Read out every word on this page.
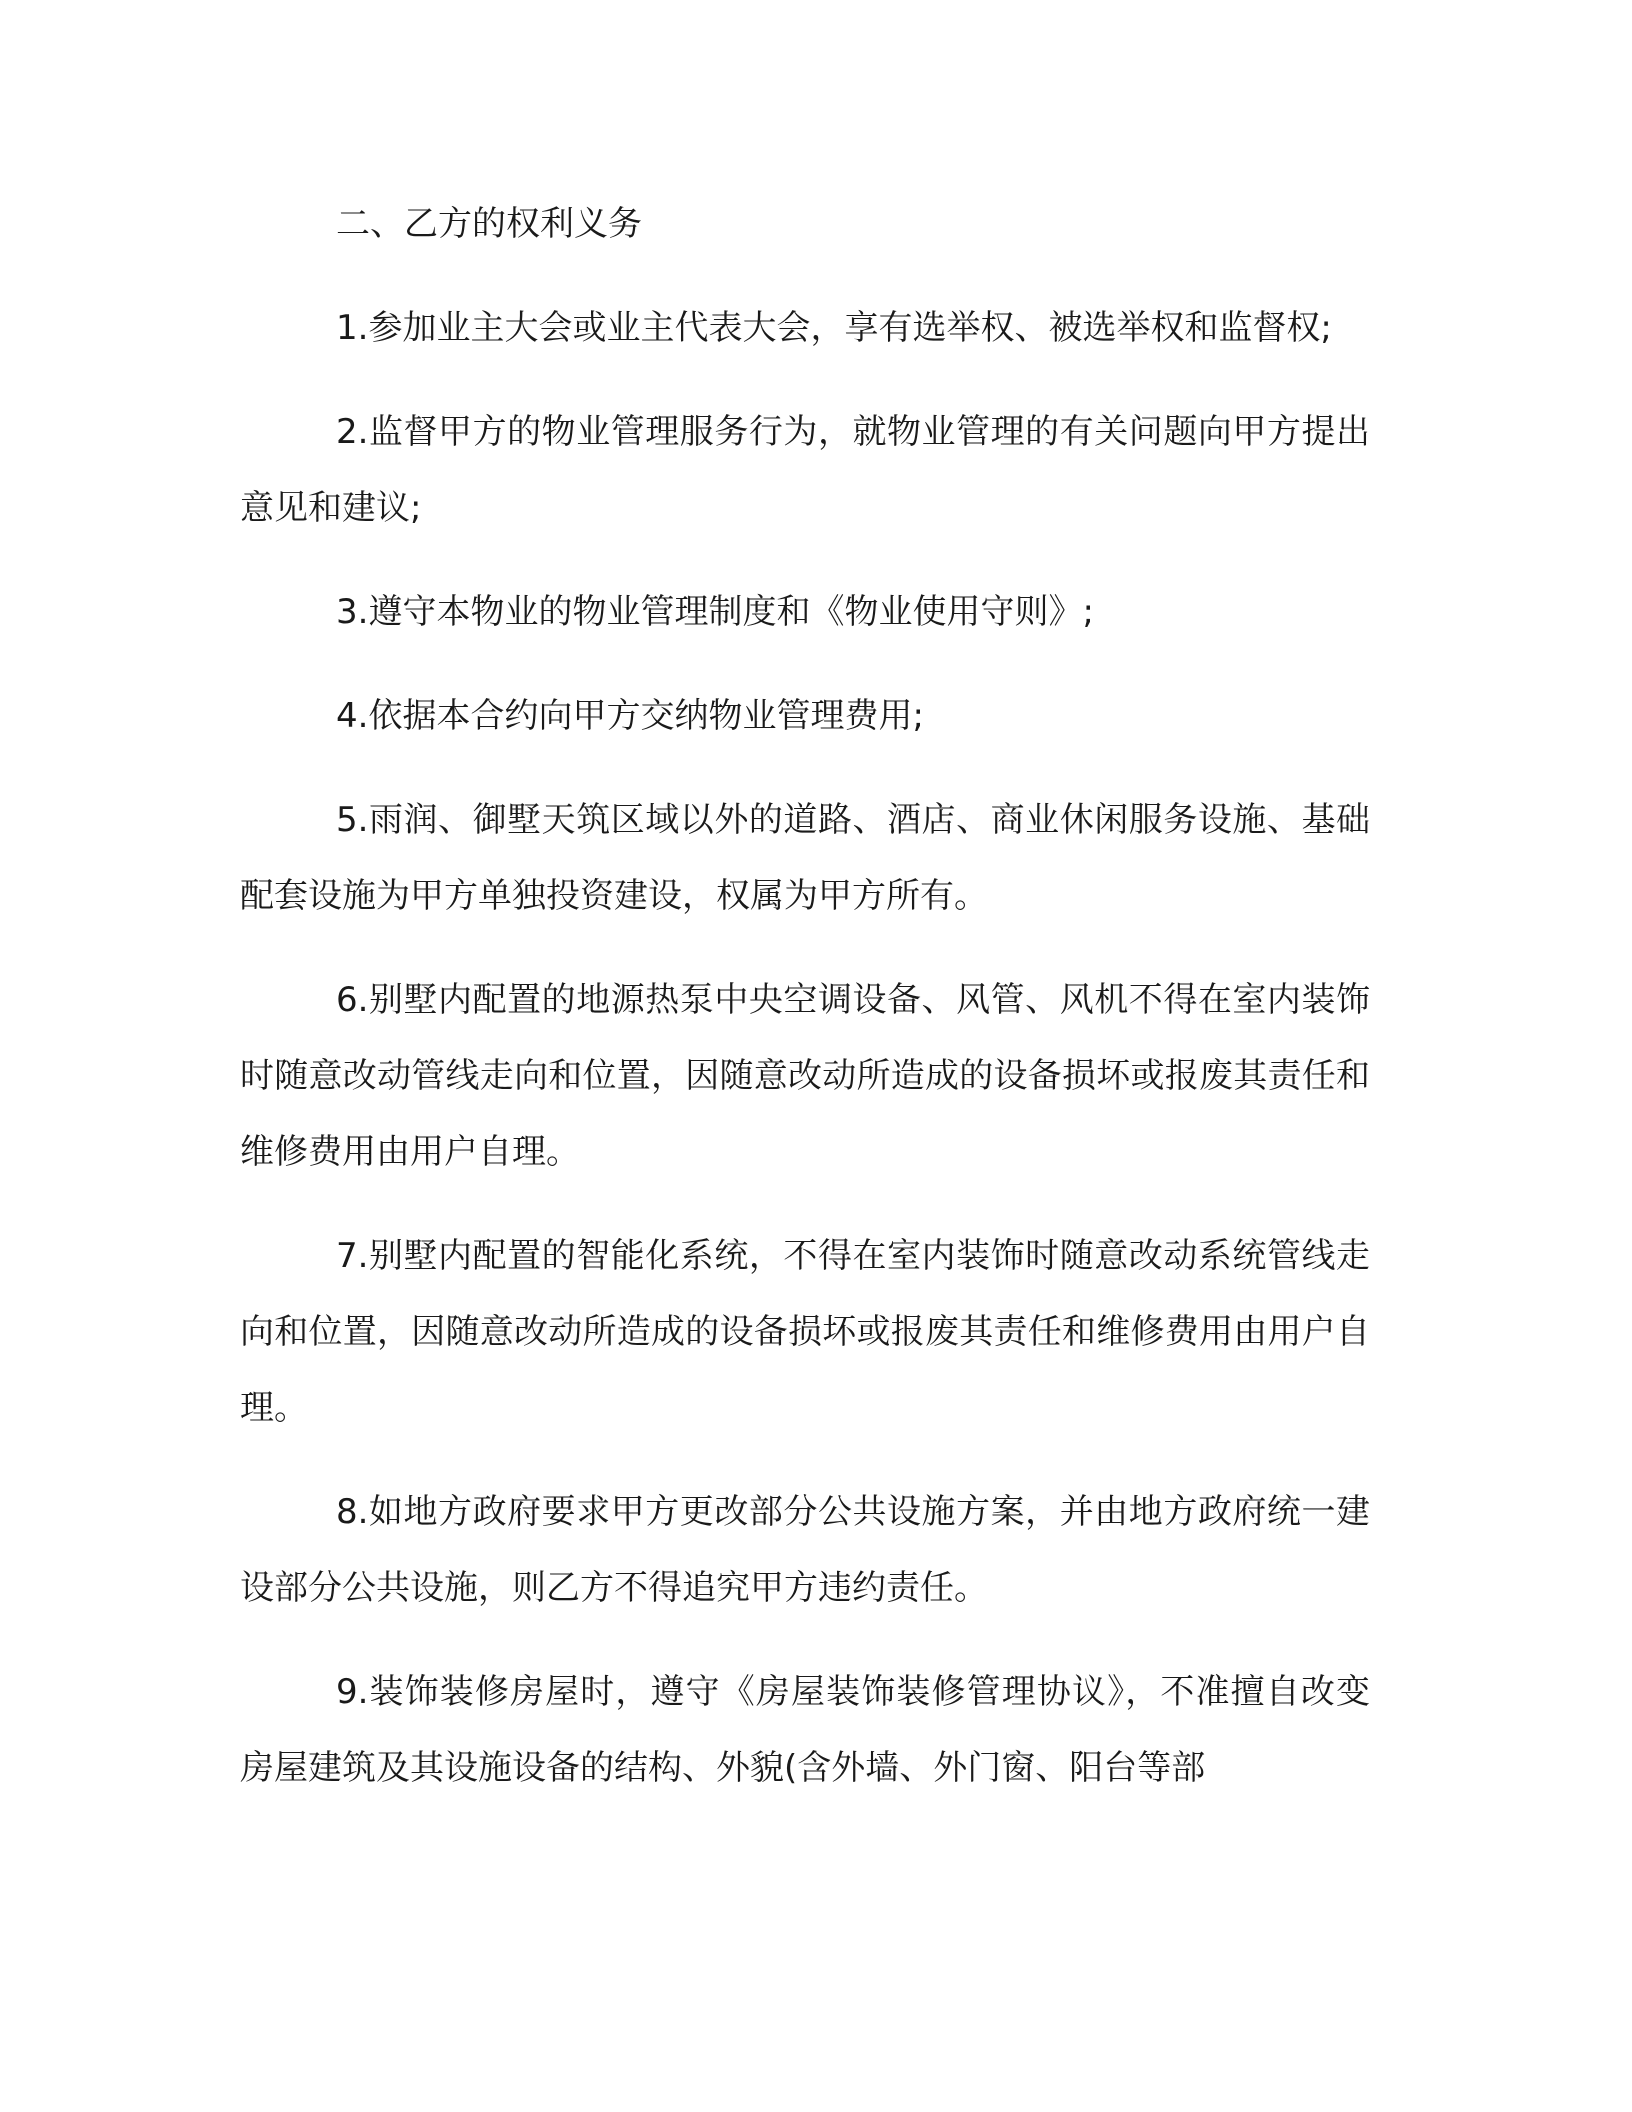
二、乙方的权利义务

1.参加业主大会或业主代表大会，享有选举权、被选举权和监督权;

2.监督甲方的物业管理服务行为，就物业管理的有关问题向甲方提出意见和建议;

3.遵守本物业的物业管理制度和《物业使用守则》;

4.依据本合约向甲方交纳物业管理费用;

5.雨润、御墅天筑区域以外的道路、酒店、商业休闲服务设施、基础配套设施为甲方单独投资建设，权属为甲方所有。

6.别墅内配置的地源热泵中央空调设备、风管、风机不得在室内装饰时随意改动管线走向和位置，因随意改动所造成的设备损坏或报废其责任和维修费用由用户自理。

7.别墅内配置的智能化系统，不得在室内装饰时随意改动系统管线走向和位置，因随意改动所造成的设备损坏或报废其责任和维修费用由用户自理。

8.如地方政府要求甲方更改部分公共设施方案，并由地方政府统一建设部分公共设施，则乙方不得追究甲方违约责任。

9.装饰装修房屋时，遵守《房屋装饰装修管理协议》，不准擅自改变房屋建筑及其设施设备的结构、外貌(含外墙、外门窗、阳台等部
